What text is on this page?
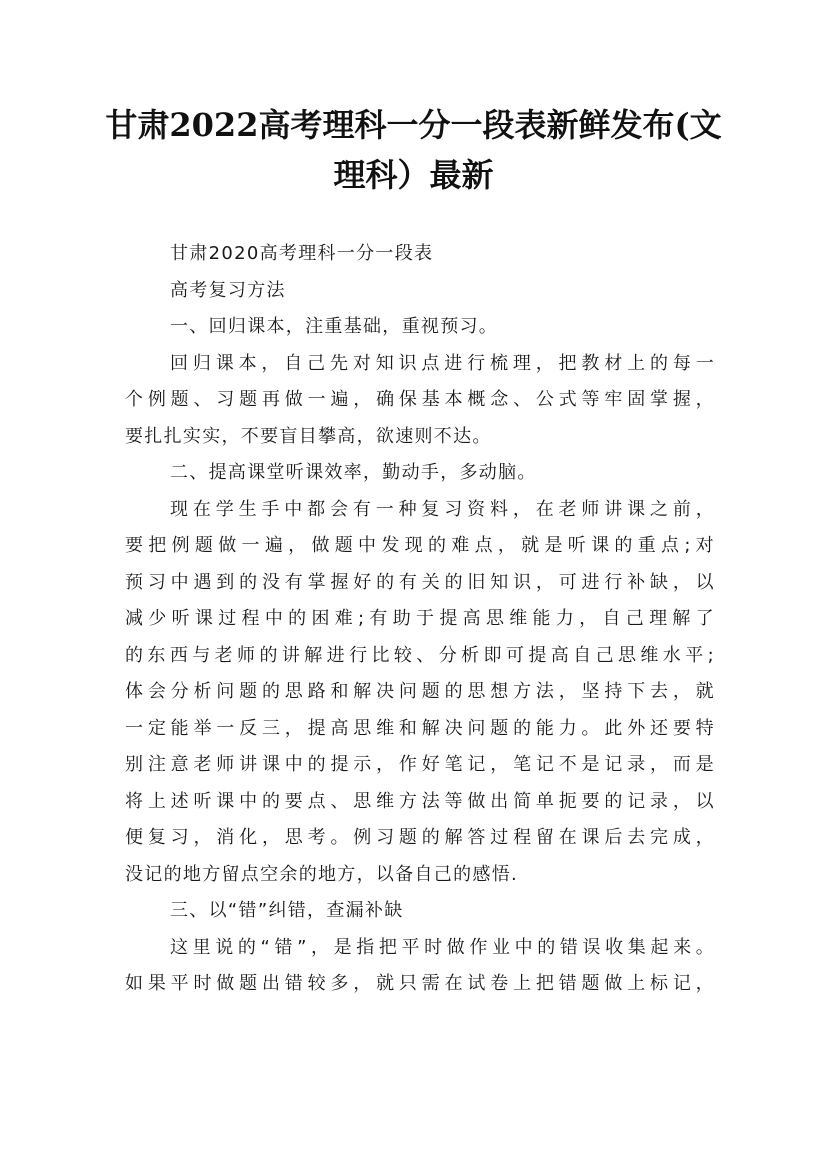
甘肃2022高考理科一分一段表新鲜发布(文
理科）最新

甘肃2020高考理科一分一段表

高考复习方法

一、回归课本，注重基础，重视预习。

回归课本，自己先对知识点进行梳理，把教材上的每一
个例题、习题再做一遍，确保基本概念、公式等牢固掌握，
要扎扎实实，不要盲目攀高，欲速则不达。

二、提高课堂听课效率，勤动手，多动脑。

现在学生手中都会有一种复习资料，在老师讲课之前，
要把例题做一遍，做题中发现的难点，就是听课的重点;对
预习中遇到的没有掌握好的有关的旧知识，可进行补缺，以
减少听课过程中的困难;有助于提高思维能力，自己理解了
的东西与老师的讲解进行比较、分析即可提高自己思维水平;
体会分析问题的思路和解决问题的思想方法，坚持下去，就
一定能举一反三，提高思维和解决问题的能力。此外还要特
别注意老师讲课中的提示，作好笔记，笔记不是记录，而是
将上述听课中的要点、思维方法等做出简单扼要的记录，以
便复习，消化，思考。例习题的解答过程留在课后去完成，
没记的地方留点空余的地方，以备自己的感悟.

三、以“错”纠错，查漏补缺

这里说的“错”，是指把平时做作业中的错误收集起来。
如果平时做题出错较多，就只需在试卷上把错题做上标记，
